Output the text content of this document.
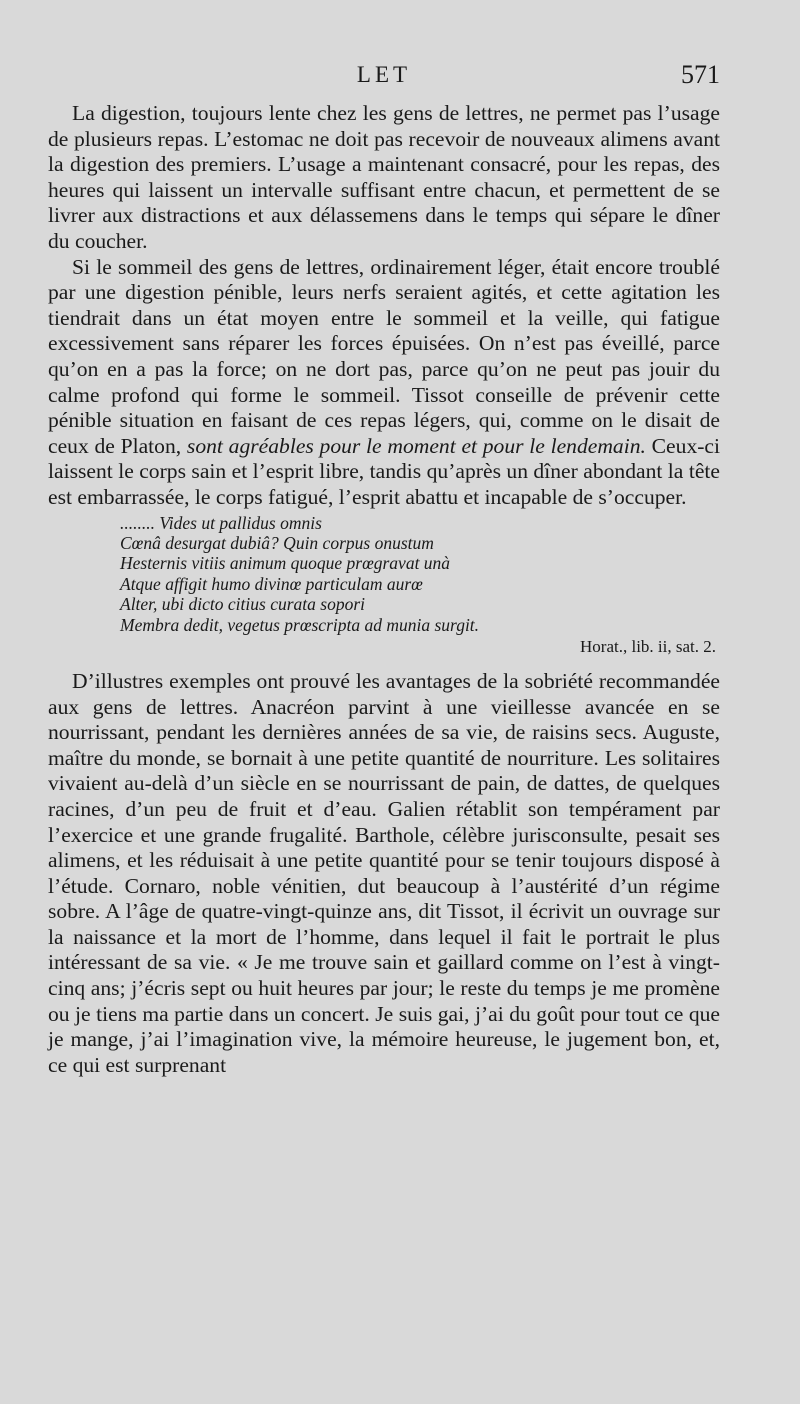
LET	571

La digestion, toujours lente chez les gens de lettres, ne permet pas l’usage de plusieurs repas. L’estomac ne doit pas recevoir de nouveaux alimens avant la digestion des premiers. L’usage a maintenant consacré, pour les repas, des heures qui laissent un intervalle suffisant entre chacun, et permettent de se livrer aux distractions et aux délassemens dans le temps qui sépare le dîner du coucher.

Si le sommeil des gens de lettres, ordinairement léger, était encore troublé par une digestion pénible, leurs nerfs seraient agités, et cette agitation les tiendrait dans un état moyen entre le sommeil et la veille, qui fatigue excessivement sans réparer les forces épuisées. On n’est pas éveillé, parce qu’on en a pas la force; on ne dort pas, parce qu’on ne peut pas jouir du calme profond qui forme le sommeil. Tissot conseille de prévenir cette pénible situation en faisant de ces repas légers, qui, comme on le disait de ceux de Platon, sont agréables pour le moment et pour le lendemain. Ceux-ci laissent le corps sain et l’esprit libre, tandis qu’après un dîner abondant la tête est embarrassée, le corps fatigué, l’esprit abattu et incapable de s’occuper.

........ Vides ut pallidus omnis
Cœnâ desurgat dubiâ? Quin corpus onustum
Hesternis vitiis animum quoque prœgravat unà
Atque affigit humo divinœ particulam aurœ
Alter, ubi dicto citius curata sopori
Membra dedit, vegetus prœscripta ad munia surgit.
Horat., lib. ii, sat. 2.

D’illustres exemples ont prouvé les avantages de la sobriété recommandée aux gens de lettres. Anacréon parvint à une vieillesse avancée en se nourrissant, pendant les dernières années de sa vie, de raisins secs. Auguste, maître du monde, se bornait à une petite quantité de nourriture. Les solitaires vivaient au-delà d’un siècle en se nourrissant de pain, de dattes, de quelques racines, d’un peu de fruit et d’eau. Galien rétablit son tempérament par l’exercice et une grande frugalité. Barthole, célèbre jurisconsulte, pesait ses alimens, et les réduisait à une petite quantité pour se tenir toujours disposé à l’étude. Cornaro, noble vénitien, dut beaucoup à l’austérité d’un régime sobre. A l’âge de quatre-vingt-quinze ans, dit Tissot, il écrivit un ouvrage sur la naissance et la mort de l’homme, dans lequel il fait le portrait le plus intéressant de sa vie. « Je me trouve sain et gaillard comme on l’est à vingt-cinq ans; j’écris sept ou huit heures par jour; le reste du temps je me promène ou je tiens ma partie dans un concert. Je suis gai, j’ai du goût pour tout ce que je mange, j’ai l’imagination vive, la mémoire heureuse, le jugement bon, et, ce qui est surprenant
